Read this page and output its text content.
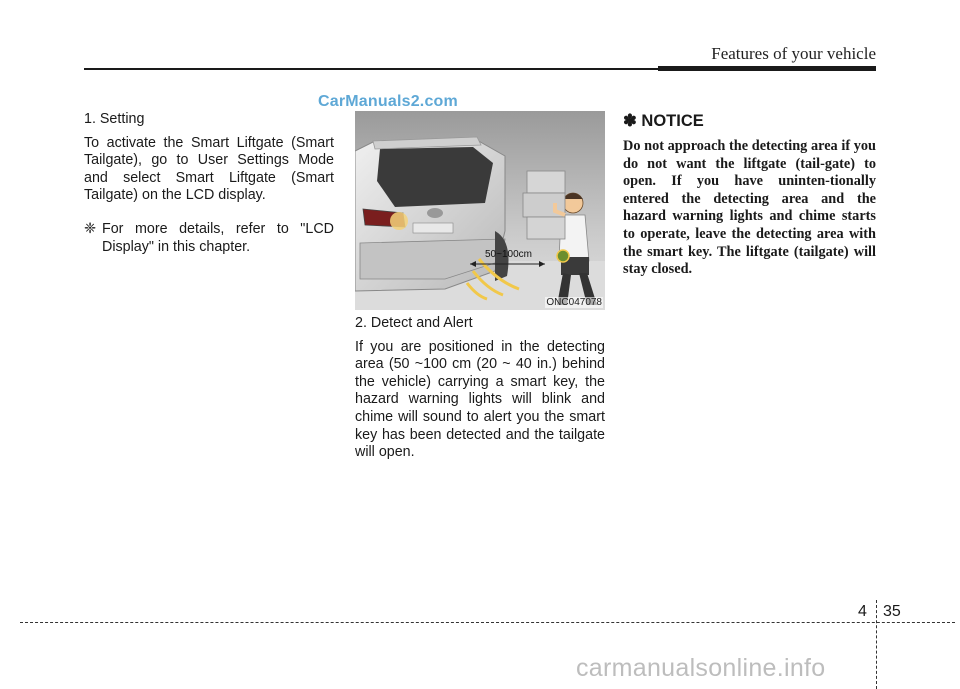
Features of your vehicle
CarManuals2.com

1. Setting

To activate the Smart Liftgate (Smart Tailgate), go to User Settings Mode and select Smart Liftgate (Smart Tailgate) on the LCD display.

❈ For more details, refer to "LCD Display" in this chapter.	50~100cm
ONC047078

2. Detect and Alert

If you are positioned in the detecting area (50 ~100 cm (20 ~ 40 in.) behind the vehicle) carrying a smart key, the hazard warning lights will blink and chime will sound to alert you the smart key has been detected and the tailgate will open.

✽ NOTICE

Do not approach the detecting area if you do not want the liftgate (tail-gate) to open. If you have uninten-tionally entered the detecting area and the hazard warning lights and chime starts to operate, leave the detecting area with the smart key. The liftgate (tailgate) will stay closed.

4 35
carmanualsonline.info
